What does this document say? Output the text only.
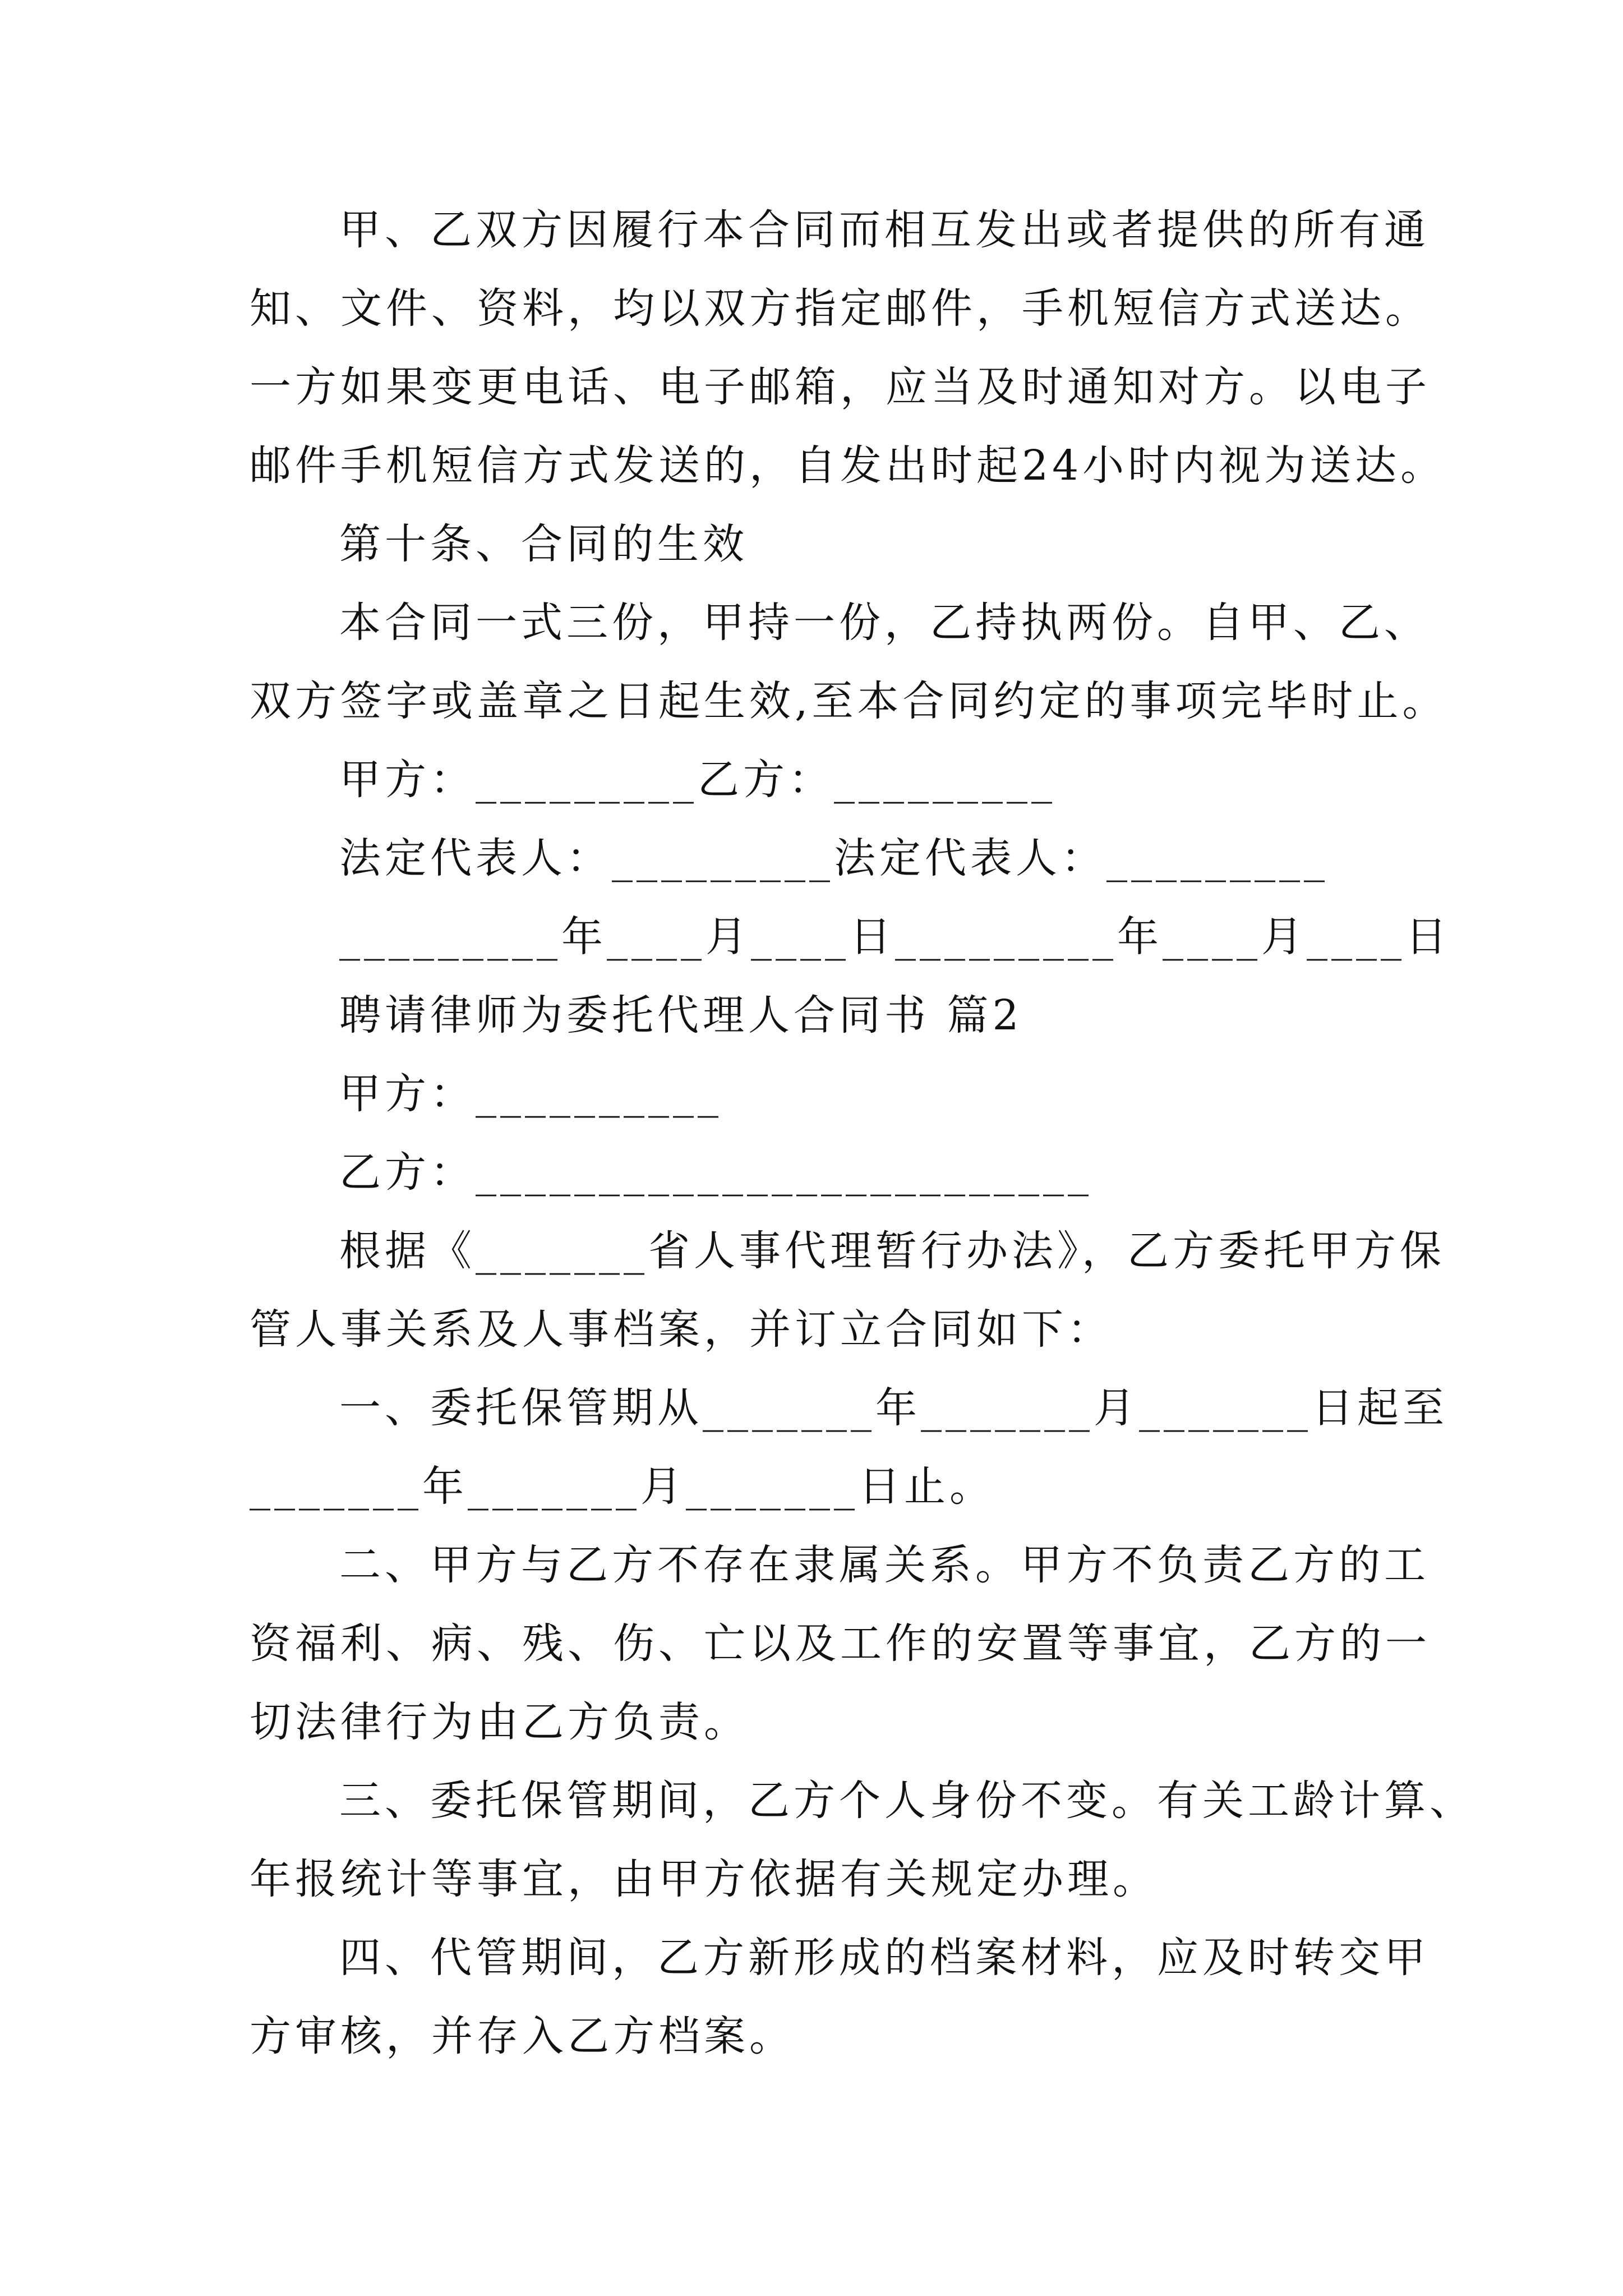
甲、乙双方因履行本合同而相互发出或者提供的所有通
知、文件、资料，均以双方指定邮件，手机短信方式送达。
一方如果变更电话、电子邮箱，应当及时通知对方。以电子
邮件手机短信方式发送的，自发出时起24小时内视为送达。
第十条、合同的生效
本合同一式三份，甲持一份，乙持执两份。自甲、乙、
双方签字或盖章之日起生效,至本合同约定的事项完毕时止。
甲方：_________乙方：_________
法定代表人：_________法定代表人：_________
_________年____月____日_________年____月____日
聘请律师为委托代理人合同书 篇2
甲方：__________
乙方：_________________________
根据《_______省人事代理暂行办法》，乙方委托甲方保
管人事关系及人事档案，并订立合同如下：
一、委托保管期从_______年_______月_______日起至
_______年_______月_______日止。
二、甲方与乙方不存在隶属关系。甲方不负责乙方的工
资福利、病、残、伤、亡以及工作的安置等事宜，乙方的一
切法律行为由乙方负责。
三、委托保管期间，乙方个人身份不变。有关工龄计算、
年报统计等事宜，由甲方依据有关规定办理。
四、代管期间，乙方新形成的档案材料，应及时转交甲
方审核，并存入乙方档案。
